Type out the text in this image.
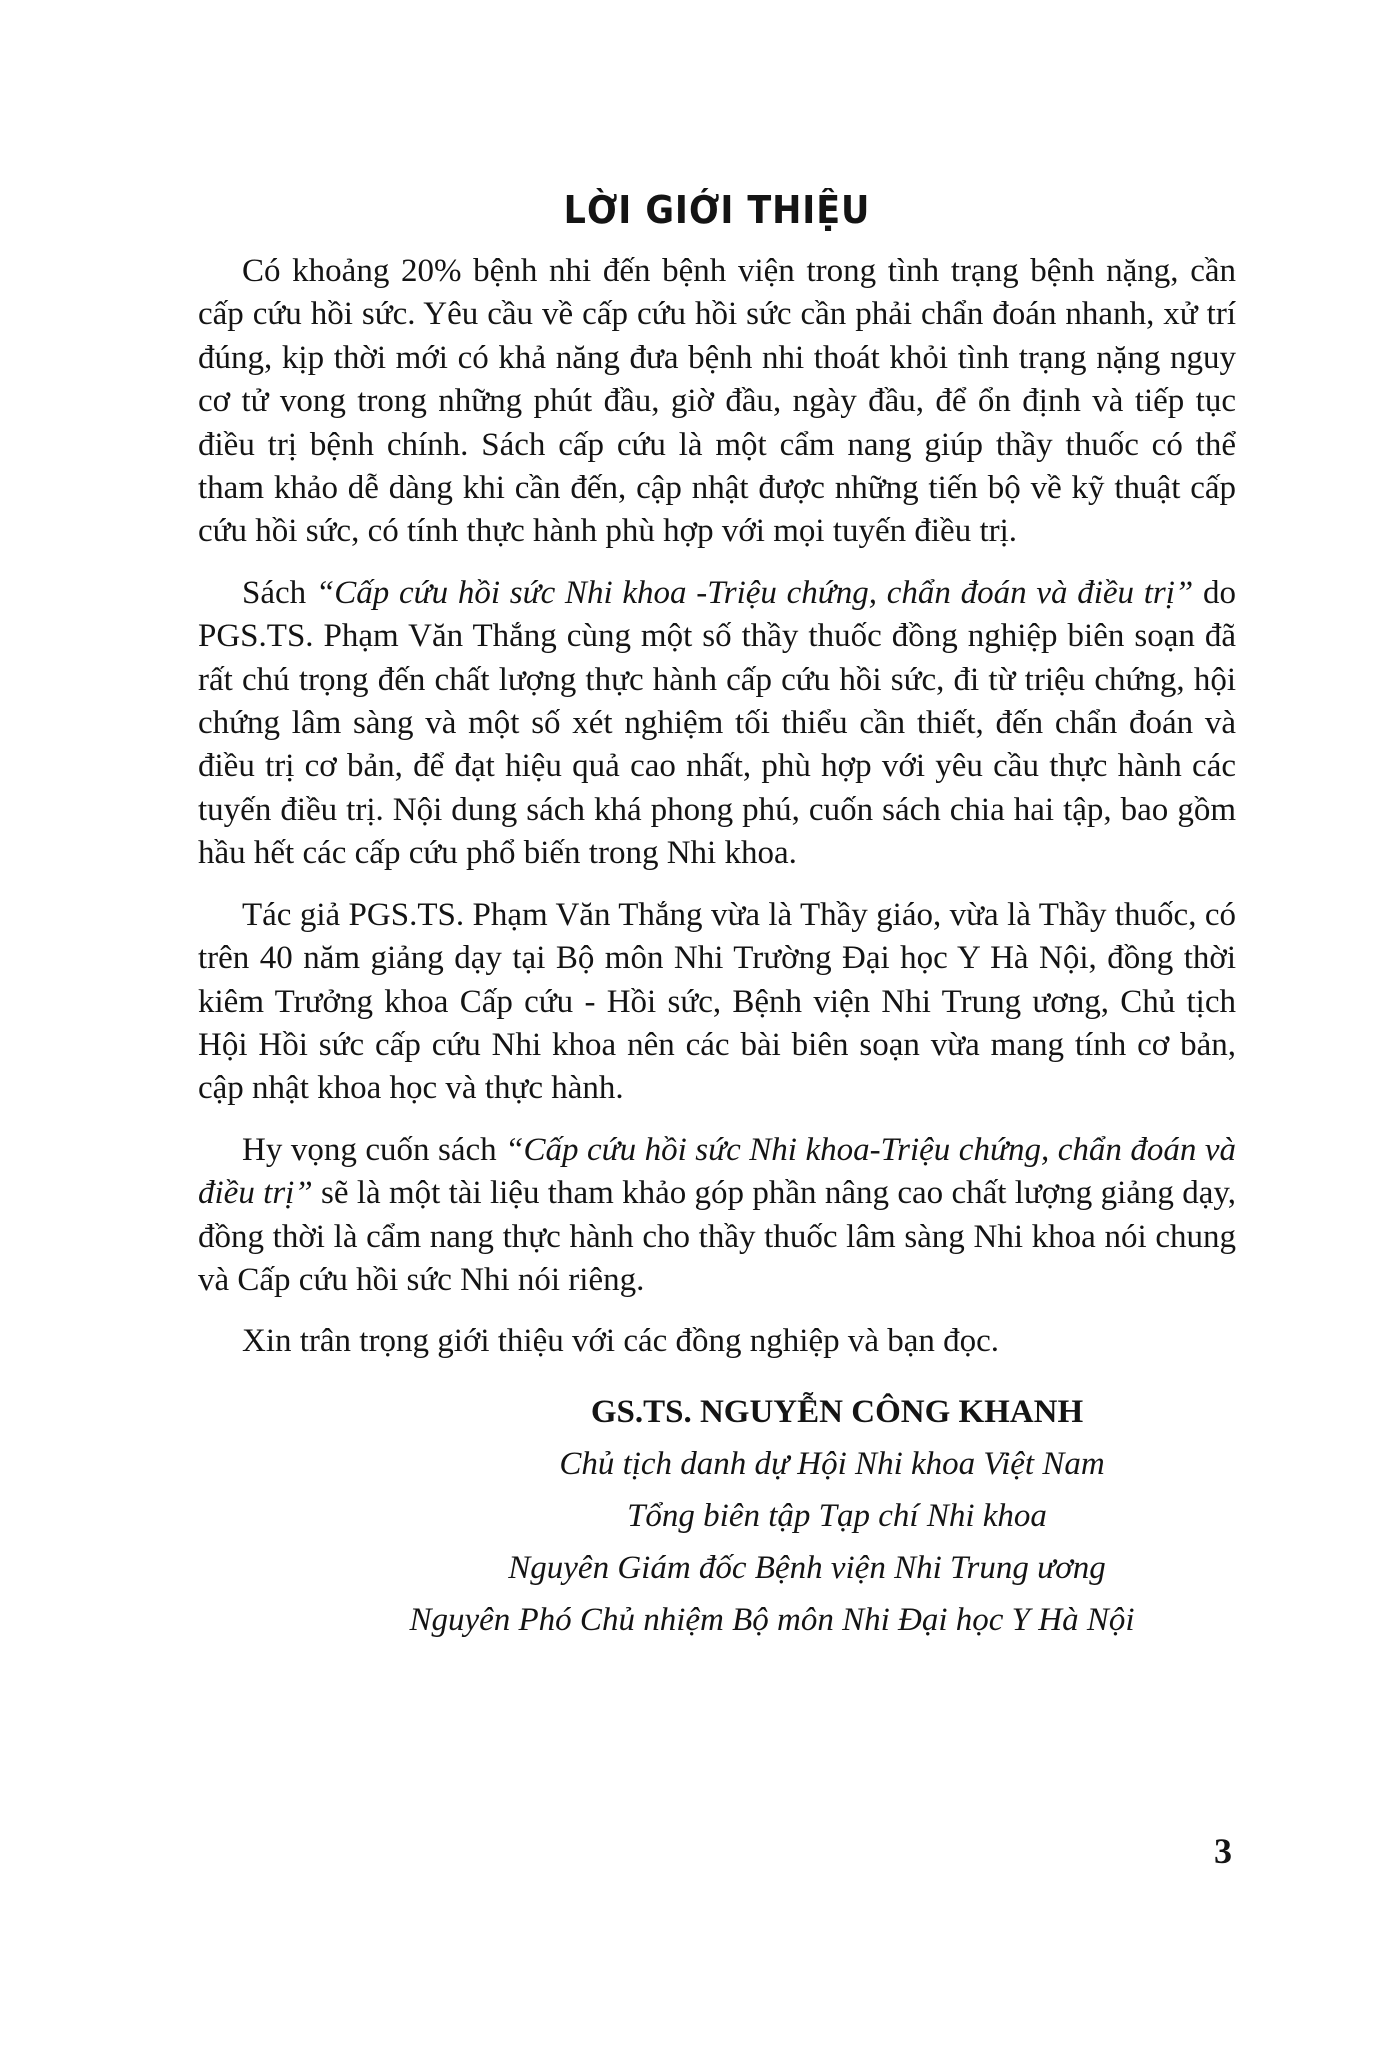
LỜI GIỚI THIỆU

Có khoảng 20% bệnh nhi đến bệnh viện trong tình trạng bệnh nặng, cần cấp cứu hồi sức. Yêu cầu về cấp cứu hồi sức cần phải chẩn đoán nhanh, xử trí đúng, kịp thời mới có khả năng đưa bệnh nhi thoát khỏi tình trạng nặng nguy cơ tử vong trong những phút đầu, giờ đầu, ngày đầu, để ổn định và tiếp tục điều trị bệnh chính. Sách cấp cứu là một cẩm nang giúp thầy thuốc có thể tham khảo dễ dàng khi cần đến, cập nhật được những tiến bộ về kỹ thuật cấp cứu hồi sức, có tính thực hành phù hợp với mọi tuyến điều trị.

Sách “Cấp cứu hồi sức Nhi khoa -Triệu chứng, chẩn đoán và điều trị” do PGS.TS. Phạm Văn Thắng cùng một số thầy thuốc đồng nghiệp biên soạn đã rất chú trọng đến chất lượng thực hành cấp cứu hồi sức, đi từ triệu chứng, hội chứng lâm sàng và một số xét nghiệm tối thiểu cần thiết, đến chẩn đoán và điều trị cơ bản, để đạt hiệu quả cao nhất, phù hợp với yêu cầu thực hành các tuyến điều trị. Nội dung sách khá phong phú, cuốn sách chia hai tập, bao gồm hầu hết các cấp cứu phổ biến trong Nhi khoa.

Tác giả PGS.TS. Phạm Văn Thắng vừa là Thầy giáo, vừa là Thầy thuốc, có trên 40 năm giảng dạy tại Bộ môn Nhi Trường Đại học Y Hà Nội, đồng thời kiêm Trưởng khoa Cấp cứu - Hồi sức, Bệnh viện Nhi Trung ương, Chủ tịch Hội Hồi sức cấp cứu Nhi khoa nên các bài biên soạn vừa mang tính cơ bản, cập nhật khoa học và thực hành.

Hy vọng cuốn sách “Cấp cứu hồi sức Nhi khoa-Triệu chứng, chẩn đoán và điều trị” sẽ là một tài liệu tham khảo góp phần nâng cao chất lượng giảng dạy, đồng thời là cẩm nang thực hành cho thầy thuốc lâm sàng Nhi khoa nói chung và Cấp cứu hồi sức Nhi nói riêng.

Xin trân trọng giới thiệu với các đồng nghiệp và bạn đọc.

GS.TS. NGUYỄN CÔNG KHANH
Chủ tịch danh dự Hội Nhi khoa Việt Nam
Tổng biên tập Tạp chí Nhi khoa
Nguyên Giám đốc Bệnh viện Nhi Trung ương
Nguyên Phó Chủ nhiệm Bộ môn Nhi Đại học Y Hà Nội
3
